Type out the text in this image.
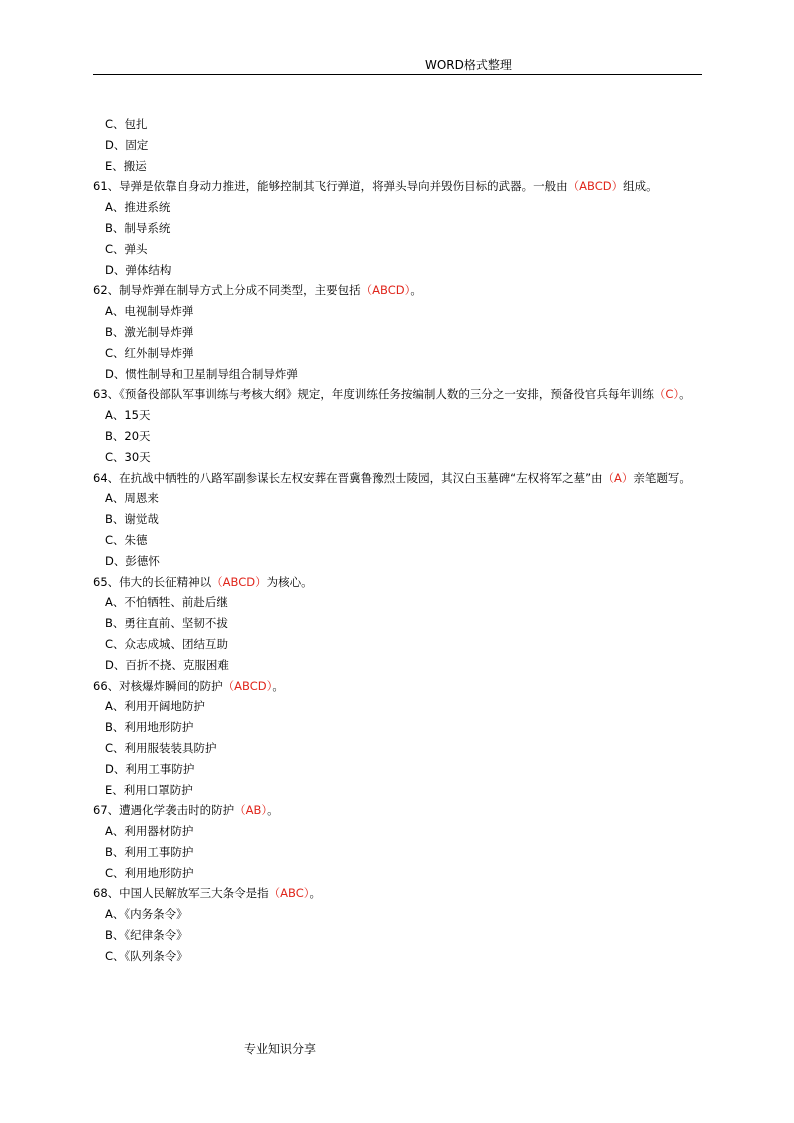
WORD格式整理
C、包扎
D、固定
E、搬运
61、导弹是依靠自身动力推进，能够控制其飞行弹道，将弹头导向并毁伤目标的武器。一般由（ABCD）组成。
A、推进系统
B、制导系统
C、弹头
D、弹体结构
62、制导炸弹在制导方式上分成不同类型，主要包括（ABCD）。
A、电视制导炸弹
B、激光制导炸弹
C、红外制导炸弹
D、惯性制导和卫星制导组合制导炸弹
63、《预备役部队军事训练与考核大纲》规定，年度训练任务按编制人数的三分之一安排，预备役官兵每年训练（C）。
A、15天
B、20天
C、30天
64、在抗战中牺牲的八路军副参谋长左权安葬在晋冀鲁豫烈士陵园，其汉白玉墓碑“左权将军之墓”由（A）亲笔题写。
A、周恩来
B、谢觉哉
C、朱德
D、彭德怀
65、伟大的长征精神以（ABCD）为核心。
A、不怕牺牲、前赴后继
B、勇往直前、坚韧不拔
C、众志成城、团结互助
D、百折不挠、克服困难
66、对核爆炸瞬间的防护（ABCD）。
A、利用开阔地防护
B、利用地形防护
C、利用服装装具防护
D、利用工事防护
E、利用口罩防护
67、遭遇化学袭击时的防护（AB）。
A、利用器材防护
B、利用工事防护
C、利用地形防护
68、中国人民解放军三大条令是指（ABC）。
A、《内务条令》
B、《纪律条令》
C、《队列条令》
专业知识分享
